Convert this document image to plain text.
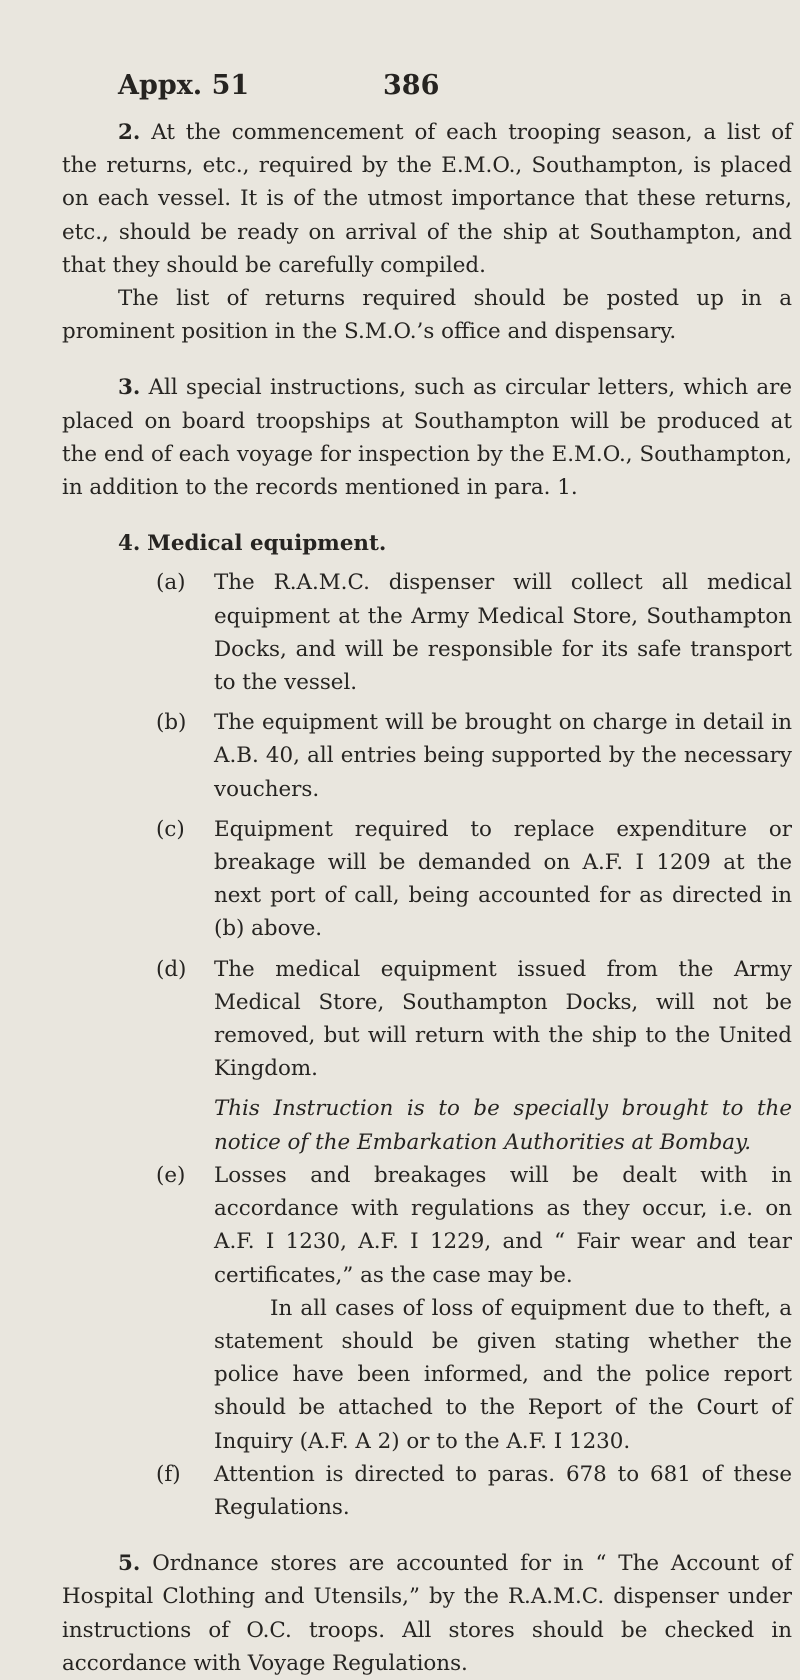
Appx. 51	386

2. At the commencement of each trooping season, a list of the returns, etc., required by the E.M.O., Southampton, is placed on each vessel. It is of the utmost importance that these returns, etc., should be ready on arrival of the ship at Southampton, and that they should be carefully compiled.

The list of returns required should be posted up in a prominent position in the S.M.O.’s office and dispensary.

3. All special instructions, such as circular letters, which are placed on board troopships at Southampton will be produced at the end of each voyage for inspection by the E.M.O., Southampton, in addition to the records mentioned in para. 1.

4. Medical equipment.

(a) The R.A.M.C. dispenser will collect all medical equipment at the Army Medical Store, Southampton Docks, and will be responsible for its safe transport to the vessel.

(b) The equipment will be brought on charge in detail in A.B. 40, all entries being supported by the necessary vouchers.

(c) Equipment required to replace expenditure or breakage will be demanded on A.F. I 1209 at the next port of call, being accounted for as directed in (b) above.

(d) The medical equipment issued from the Army Medical Store, Southampton Docks, will not be removed, but will return with the ship to the United Kingdom.

This Instruction is to be specially brought to the notice of the Embarkation Authorities at Bombay.

(e) Losses and breakages will be dealt with in accordance with regulations as they occur, i.e. on A.F. I 1230, A.F. I 1229, and “ Fair wear and tear certificates,” as the case may be.

In all cases of loss of equipment due to theft, a statement should be given stating whether the police have been informed, and the police report should be attached to the Report of the Court of Inquiry (A.F. A 2) or to the A.F. I 1230.

(f) Attention is directed to paras. 678 to 681 of these Regulations.

5. Ordnance stores are accounted for in “ The Account of Hospital Clothing and Utensils,” by the R.A.M.C. dispenser under instructions of O.C. troops. All stores should be checked in accordance with Voyage Regulations.
